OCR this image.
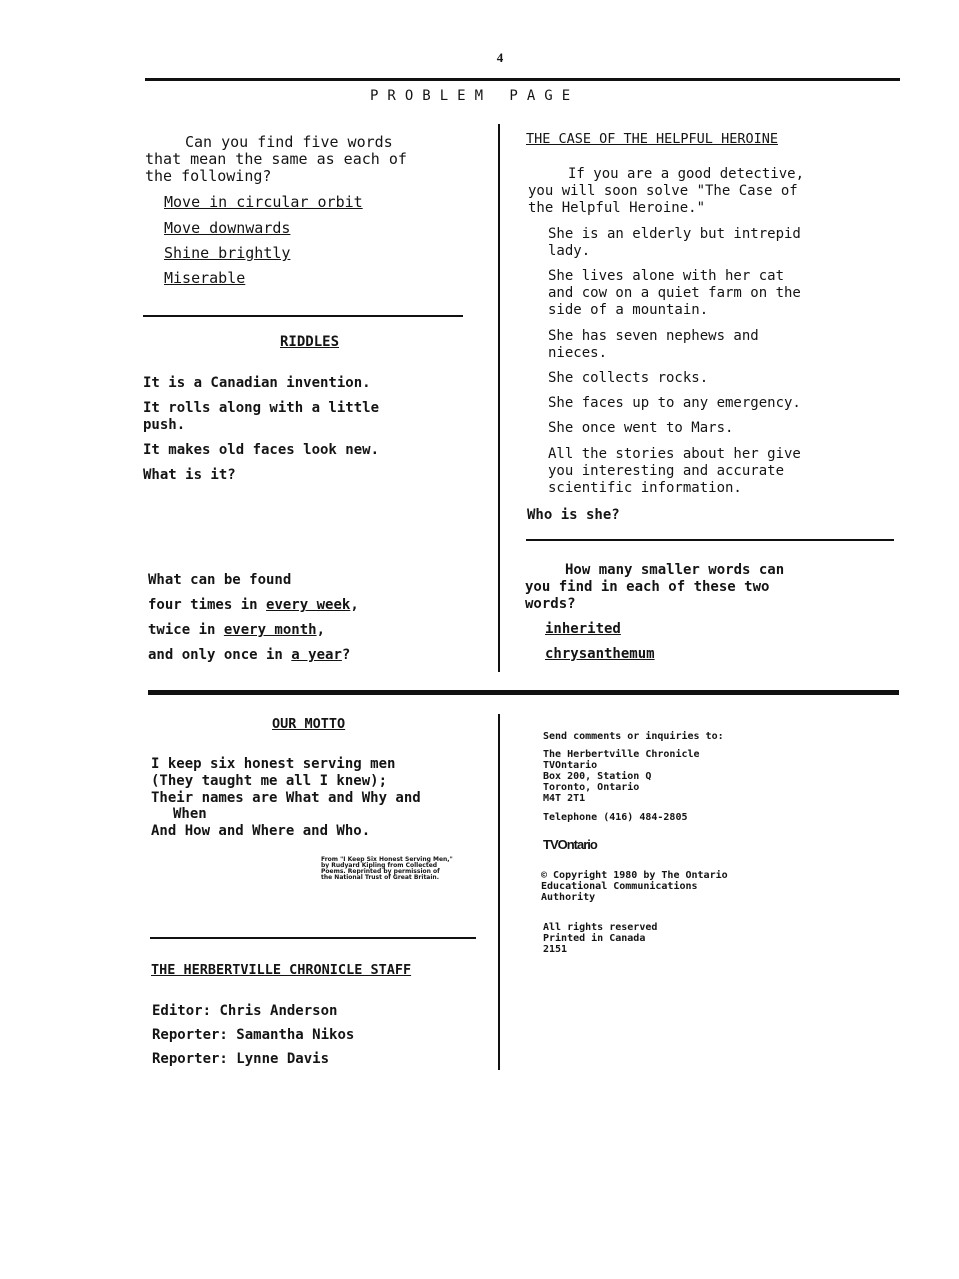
4
PROBLEM PAGE
Can you find five words
that mean the same as each of
the following?
Move in circular orbit
Move downwards
Shine brightly
Miserable
RIDDLES
It is a Canadian invention.
It rolls along with a little
push.
It makes old faces look new.
What is it?
What can be found
four times in every week,
twice in every month,
and only once in a year?
THE CASE OF THE HELPFUL HEROINE
If you are a good detective,
you will soon solve "The Case of
the Helpful Heroine."
She is an elderly but intrepid
lady.
She lives alone with her cat
and cow on a quiet farm on the
side of a mountain.
She has seven nephews and
nieces.
She collects rocks.
She faces up to any emergency.
She once went to Mars.
All the stories about her give
you interesting and accurate
scientific information.
Who is she?
How many smaller words can
you find in each of these two
words?
inherited
chrysanthemum
OUR MOTTO
I keep six honest serving men
(They taught me all I knew);
Their names are What and Why and
When
And How and Where and Who.
From "I Keep Six Honest Serving Men,"
by Rudyard Kipling from Collected
Poems. Reprinted by permission of
the National Trust of Great Britain.
THE HERBERTVILLE CHRONICLE STAFF
Editor: Chris Anderson
Reporter: Samantha Nikos
Reporter: Lynne Davis
Send comments or inquiries to:
The Herbertville Chronicle
TVOntario
Box 200, Station Q
Toronto, Ontario
M4T 2T1
Telephone (416) 484-2805
TVOntario
© Copyright 1980 by The Ontario
Educational Communications
Authority
All rights reserved
Printed in Canada
2151
